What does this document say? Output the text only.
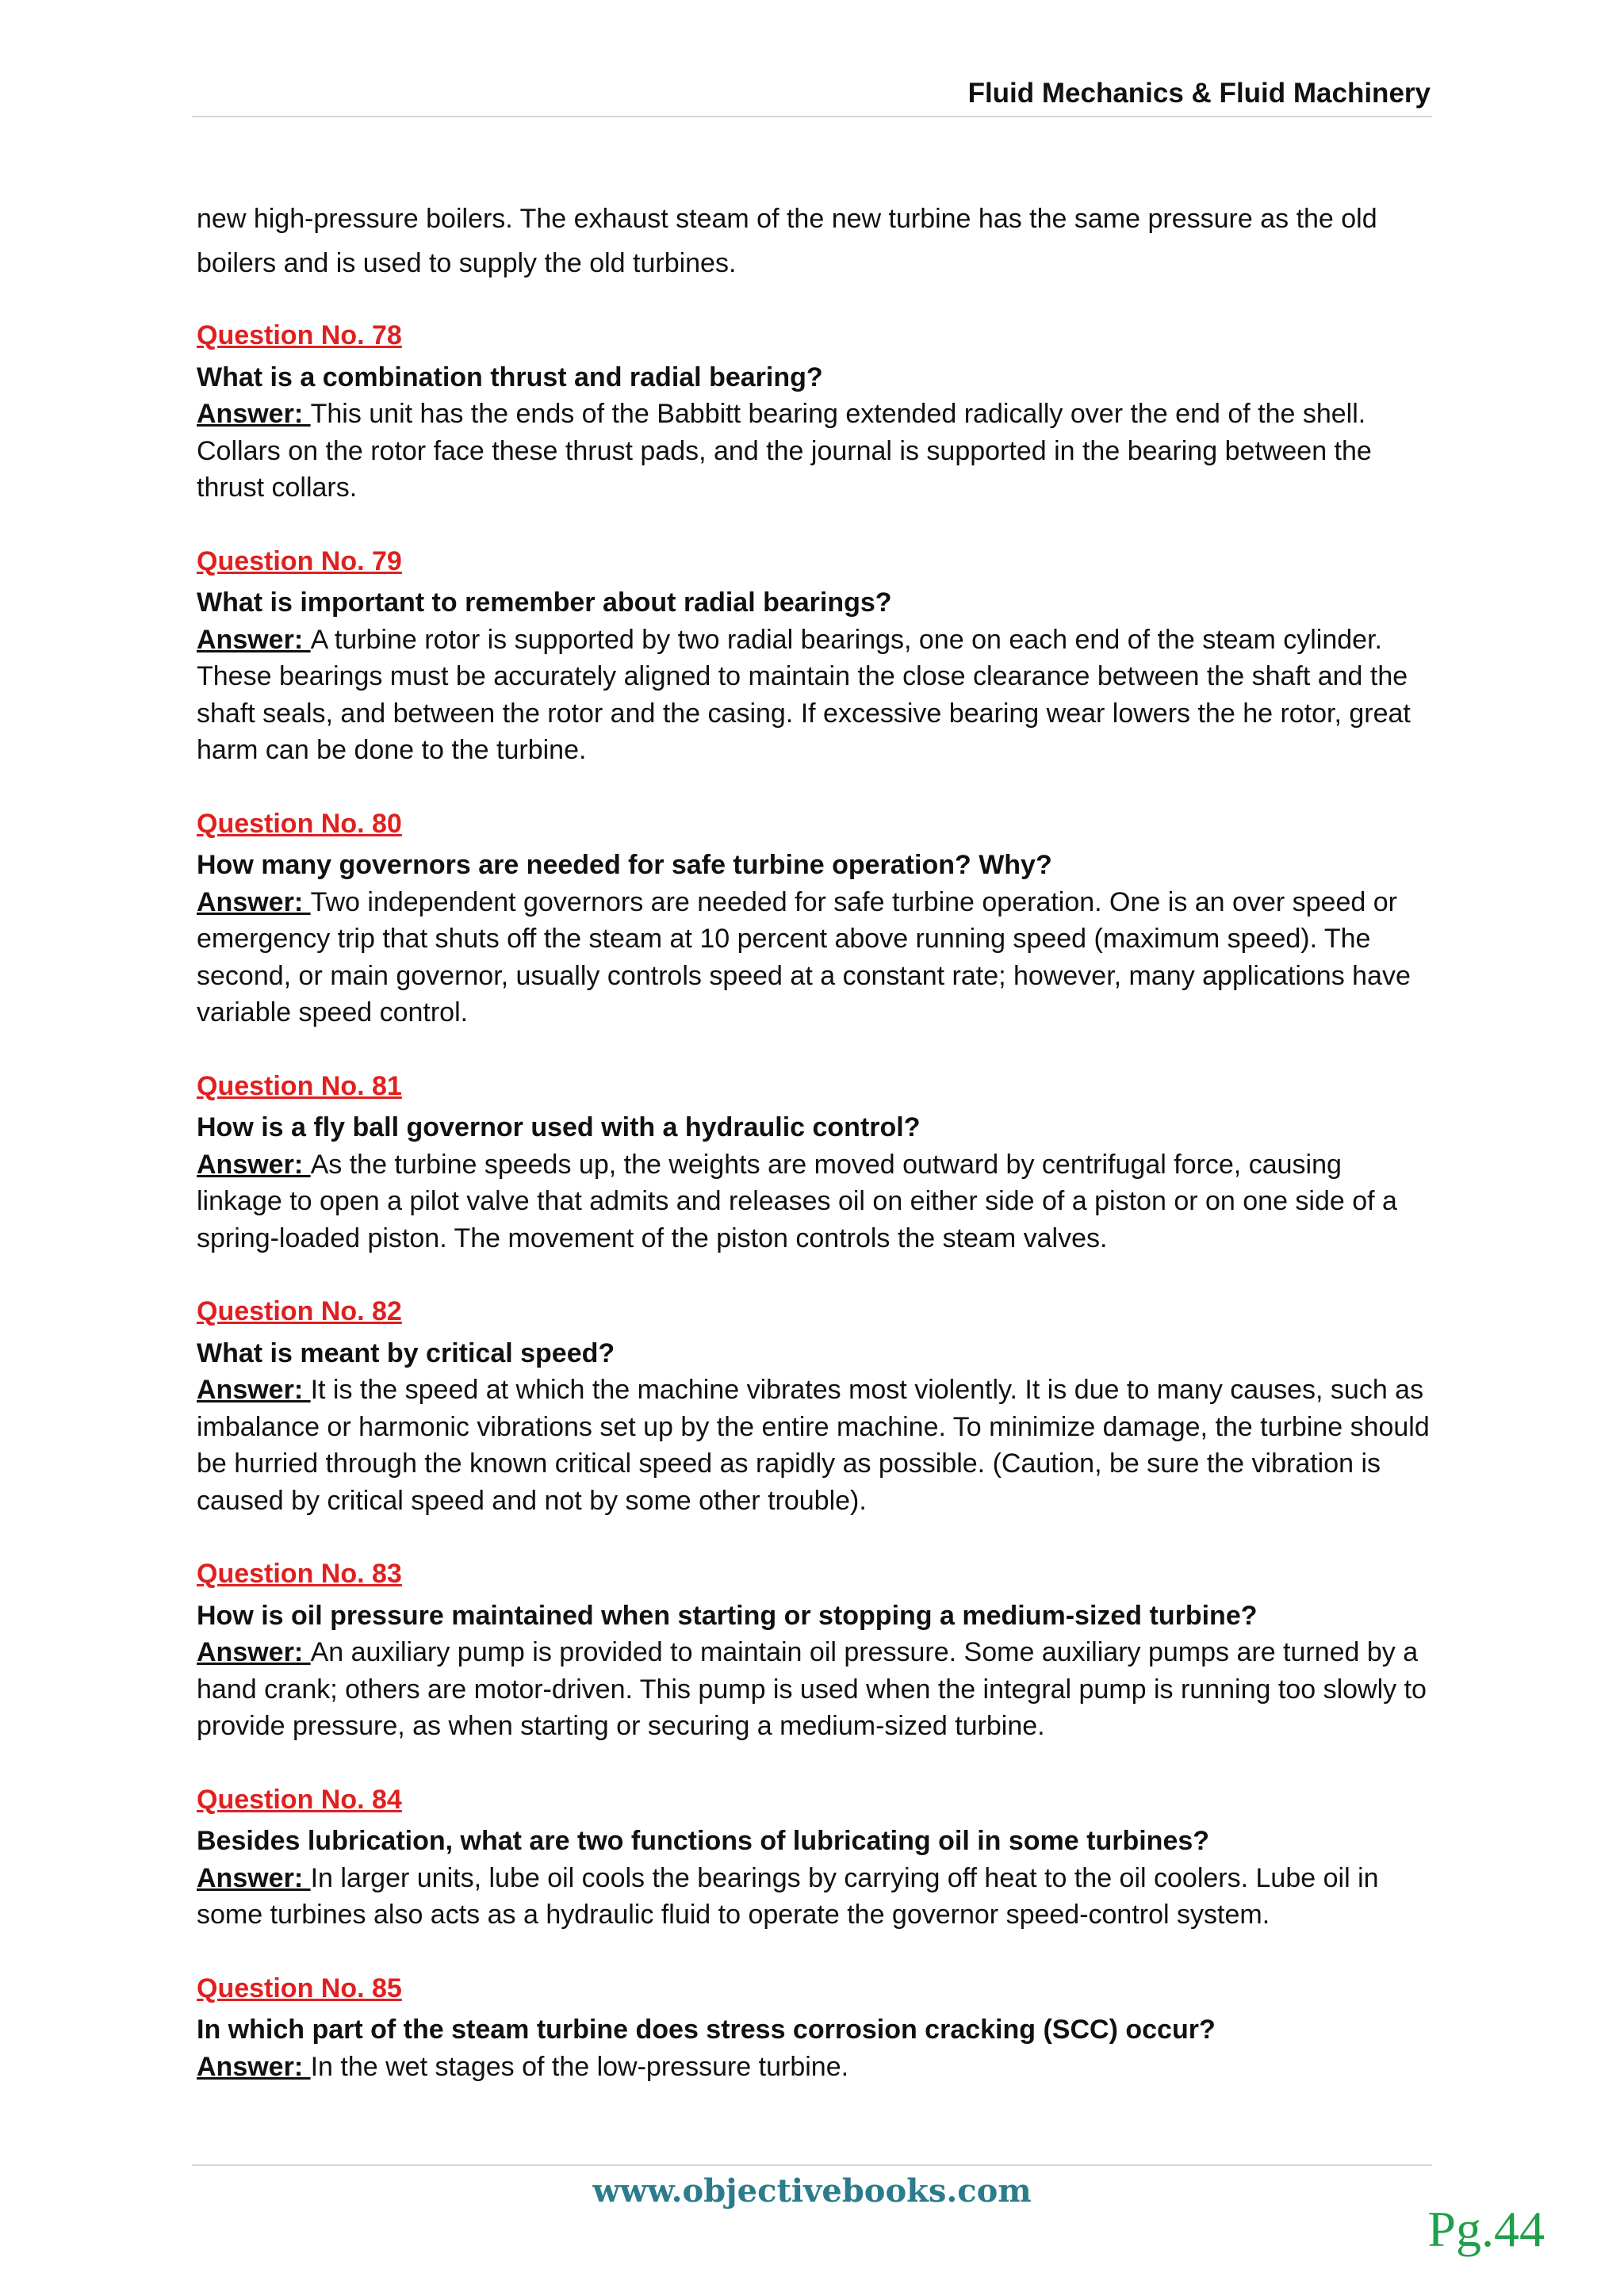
Fluid Mechanics & Fluid Machinery

new high-pressure boilers. The exhaust steam of the new turbine has the same pressure as the old boilers and is used to supply the old turbines.

Question No. 78
What is a combination thrust and radial bearing?
Answer: This unit has the ends of the Babbitt bearing extended radically over the end of the shell. Collars on the rotor face these thrust pads, and the journal is supported in the bearing between the thrust collars.
Question No. 79
What is important to remember about radial bearings?
Answer: A turbine rotor is supported by two radial bearings, one on each end of the steam cylinder. These bearings must be accurately aligned to maintain the close clearance between the shaft and the shaft seals, and between the rotor and the casing. If excessive bearing wear lowers the he rotor, great harm can be done to the turbine.
Question No. 80
How many governors are needed for safe turbine operation? Why?
Answer: Two independent governors are needed for safe turbine operation. One is an over speed or emergency trip that shuts off the steam at 10 percent above running speed (maximum speed). The second, or main governor, usually controls speed at a constant rate; however, many applications have variable speed control.
Question No. 81
How is a fly ball governor used with a hydraulic control?
Answer: As the turbine speeds up, the weights are moved outward by centrifugal force, causing linkage to open a pilot valve that admits and releases oil on either side of a piston or on one side of a spring-loaded piston. The movement of the piston controls the steam valves.
Question No. 82
What is meant by critical speed?
Answer: It is the speed at which the machine vibrates most violently. It is due to many causes, such as imbalance or harmonic vibrations set up by the entire machine. To minimize damage, the turbine should be hurried through the known critical speed as rapidly as possible. (Caution, be sure the vibration is caused by critical speed and not by some other trouble).
Question No. 83
How is oil pressure maintained when starting or stopping a medium-sized turbine?
Answer: An auxiliary pump is provided to maintain oil pressure. Some auxiliary pumps are turned by a hand crank; others are motor-driven. This pump is used when the integral pump is running too slowly to provide pressure, as when starting or securing a medium-sized turbine.
Question No. 84
Besides lubrication, what are two functions of lubricating oil in some turbines?
Answer: In larger units, lube oil cools the bearings by carrying off heat to the oil coolers. Lube oil in some turbines also acts as a hydraulic fluid to operate the governor speed-control system.
Question No. 85
In which part of the steam turbine does stress corrosion cracking (SCC) occur?
Answer: In the wet stages of the low-pressure turbine.
www.objectivebooks.com
Pg.44
